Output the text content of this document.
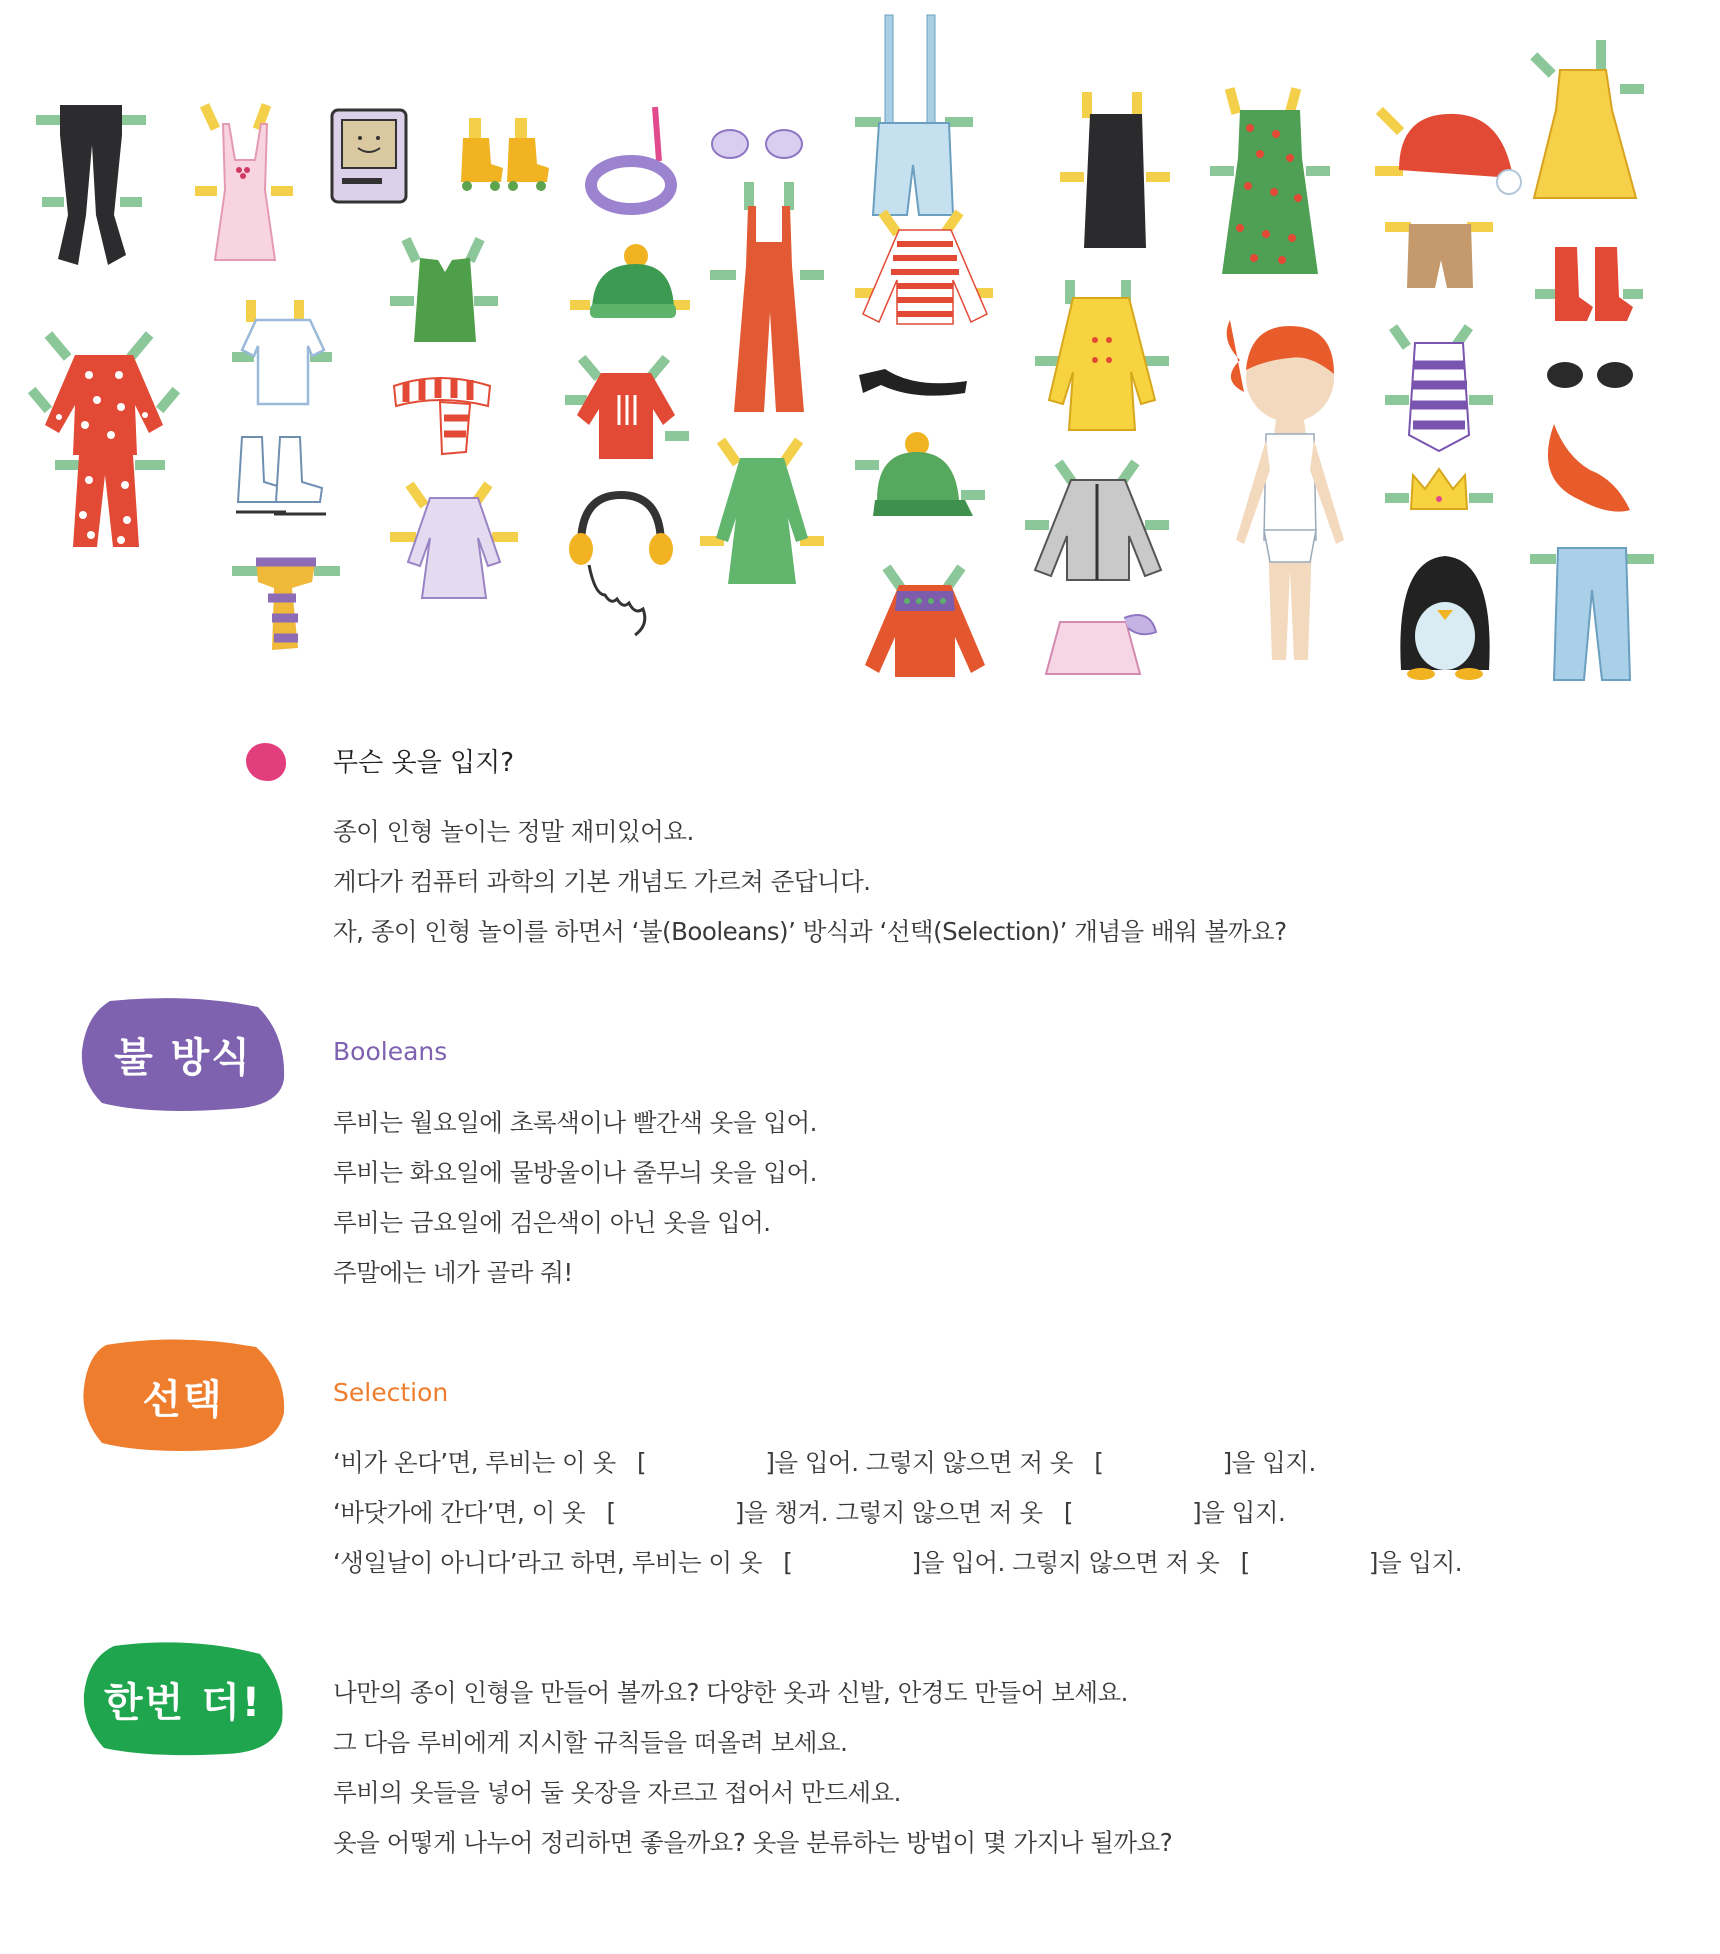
무슨 옷을 입지?
종이 인형 놀이는 정말 재미있어요.
게다가 컴퓨터 과학의 기본 개념도 가르쳐 준답니다.
자, 종이 인형 놀이를 하면서 ‘불(Booleans)’ 방식과 ‘선택(Selection)’ 개념을 배워 볼까요?
불 방식	Booleans
루비는 월요일에 초록색이나 빨간색 옷을 입어.
루비는 화요일에 물방울이나 줄무늬 옷을 입어.
루비는 금요일에 검은색이 아닌 옷을 입어.
주말에는 네가 골라 줘!
선택	Selection
‘비가 온다’면, 루비는 이 옷 [	]을 입어. 그렇지 않으면 저 옷 [	]을 입지.
‘바닷가에 간다’면, 이 옷 [	]을 챙겨. 그렇지 않으면 저 옷 [	]을 입지.
‘생일날이 아니다’라고 하면, 루비는 이 옷 [	]을 입어. 그렇지 않으면 저 옷 [	]을 입지.
한번 더!	나만의 종이 인형을 만들어 볼까요? 다양한 옷과 신발, 안경도 만들어 보세요.
그 다음 루비에게 지시할 규칙들을 떠올려 보세요.
루비의 옷들을 넣어 둘 옷장을 자르고 접어서 만드세요.
옷을 어떻게 나누어 정리하면 좋을까요? 옷을 분류하는 방법이 몇 가지나 될까요?
